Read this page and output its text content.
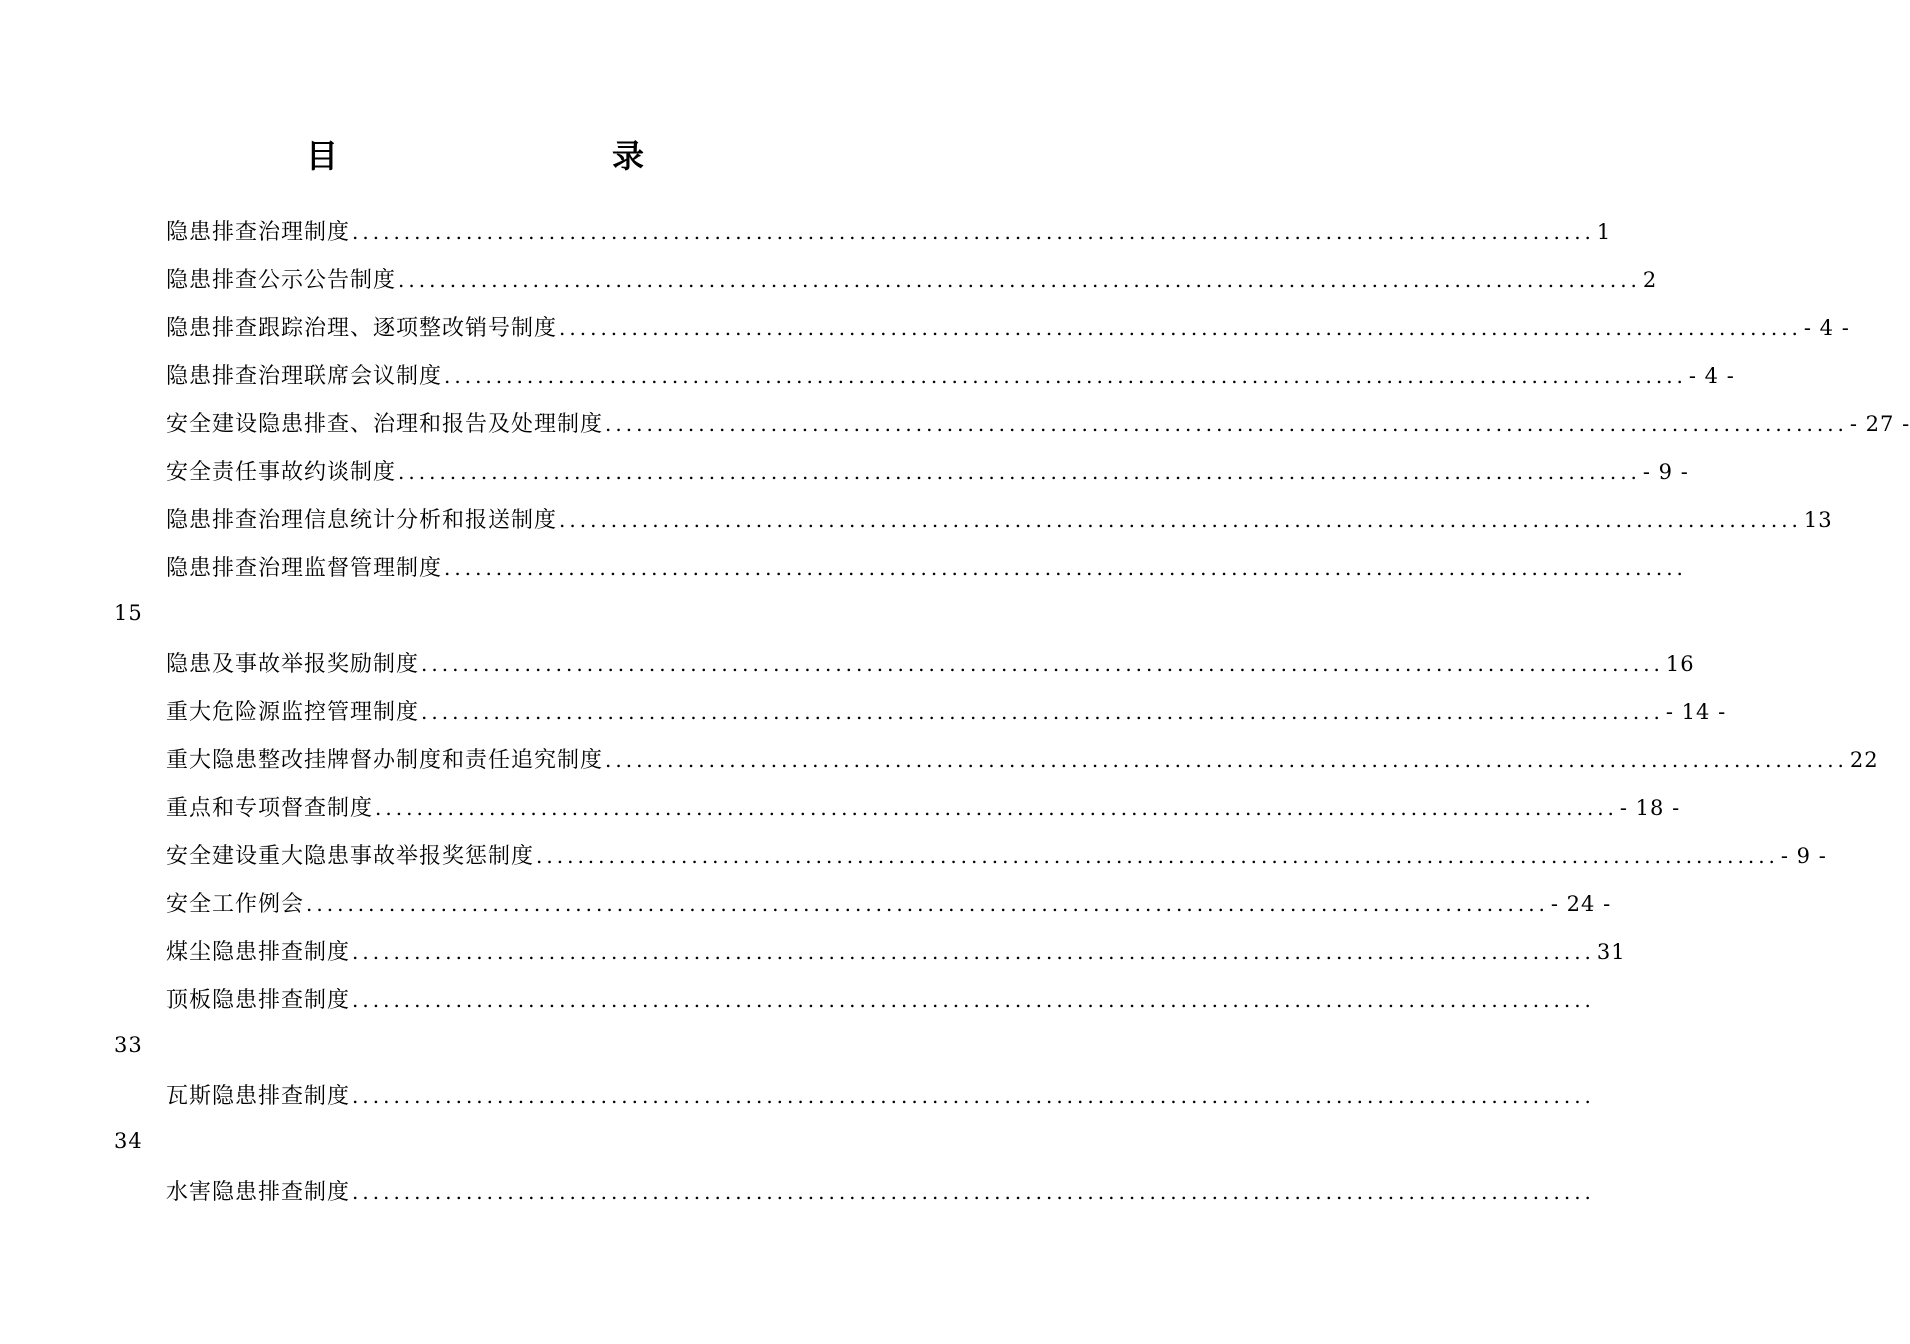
目　　录
隐患排查治理制度 ........................................................................................................................ 1
隐患排查公示公告制度 ........................................................................................................................ 2
隐患排查跟踪治理、逐项整改销号制度 ........................................................................................................................ - 4 -
隐患排查治理联席会议制度 ........................................................................................................................ - 4 -
安全建设隐患排查、治理和报告及处理制度 ........................................................................................................................ - 27 -
安全责任事故约谈制度 ........................................................................................................................ - 9 -
隐患排查治理信息统计分析和报送制度 ........................................................................................................................ 13
隐患排查治理监督管理制度 ........................................................................................................................
15
隐患及事故举报奖励制度 ........................................................................................................................ 16
重大危险源监控管理制度 ........................................................................................................................ - 14 -
重大隐患整改挂牌督办制度和责任追究制度 ........................................................................................................................ 22
重点和专项督查制度 ........................................................................................................................ - 18 -
安全建设重大隐患事故举报奖惩制度 ........................................................................................................................ - 9 -
安全工作例会 ........................................................................................................................ - 24 -
煤尘隐患排查制度 ........................................................................................................................ 31
顶板隐患排查制度 ........................................................................................................................
33
瓦斯隐患排查制度 ........................................................................................................................
34
水害隐患排查制度 ........................................................................................................................
